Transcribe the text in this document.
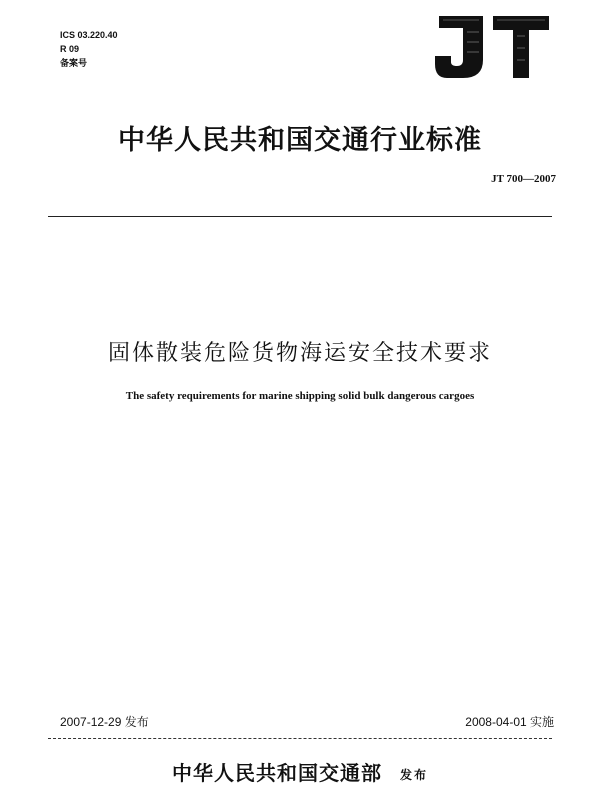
ICS 03.220.40
R 09
备案号
中华人民共和国交通行业标准
JT 700—2007
固体散装危险货物海运安全技术要求
The safety requirements for marine shipping solid bulk dangerous cargoes
2007-12-29 发布	2008-04-01 实施
中华人民共和国交通部 发布
